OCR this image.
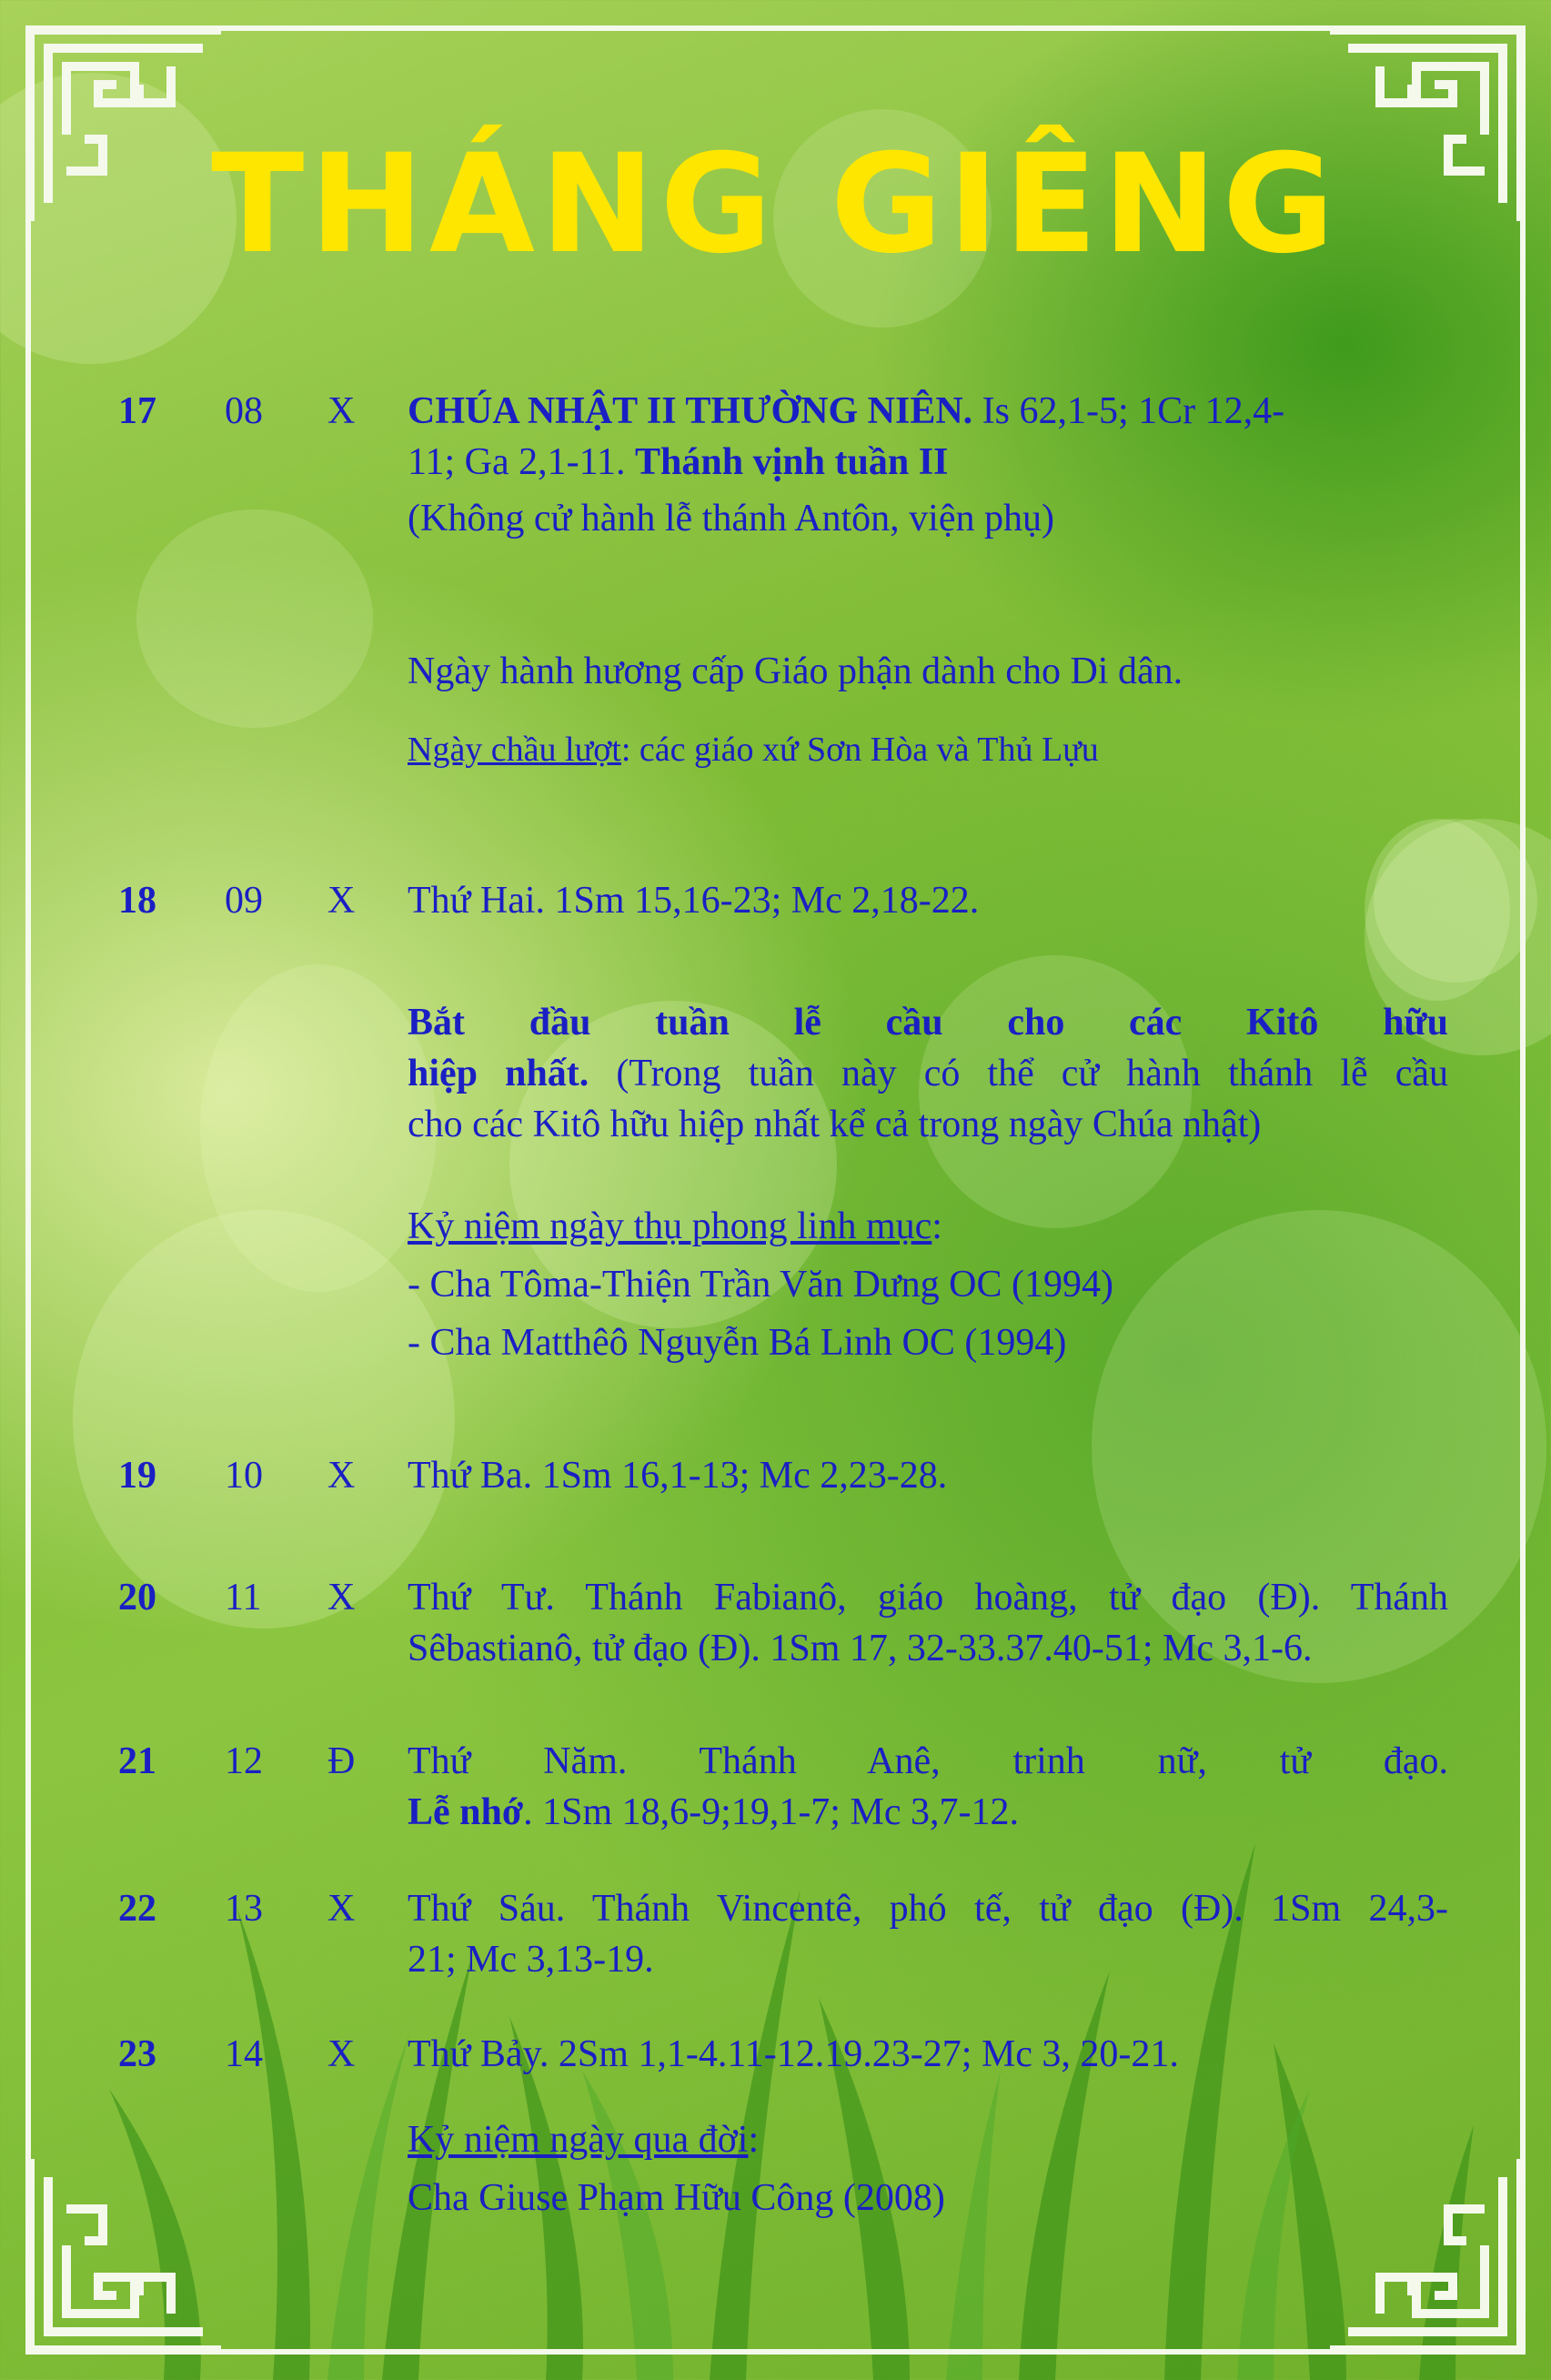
THÁNG GIÊNG
17	08	X	CHÚA NHẬT II THƯỜNG NIÊN. Is 62,1-5; 1Cr 12,4-
11; Ga 2,1-11. Thánh vịnh tuần II
(Không cử hành lễ thánh Antôn, viện phụ)
Ngày hành hương cấp Giáo phận dành cho Di dân.
Ngày chầu lượt: các giáo xứ Sơn Hòa và Thủ Lựu
18	09	X	Thứ Hai. 1Sm 15,16-23; Mc 2,18-22.
Bắt đầu tuần lễ cầu cho các Kitô hữu
hiệp nhất. (Trong tuần này có thể cử hành thánh lễ cầu
cho các Kitô hữu hiệp nhất kể cả trong ngày Chúa nhật)
Kỷ niệm ngày thụ phong linh mục:
- Cha Tôma-Thiện Trần Văn Dưng OC (1994)
- Cha Matthêô Nguyễn Bá Linh OC (1994)
19	10	X	Thứ Ba. 1Sm 16,1-13; Mc 2,23-28.
20	11	X	Thứ Tư. Thánh Fabianô, giáo hoàng, tử đạo (Đ). Thánh
Sêbastianô, tử đạo (Đ). 1Sm 17, 32-33.37.40-51; Mc 3,1-6.
21	12	Đ	Thứ Năm. Thánh Anê, trinh nữ, tử đạo.
Lễ nhớ. 1Sm 18,6-9;19,1-7; Mc 3,7-12.
22	13	X	Thứ Sáu. Thánh Vincentê, phó tế, tử đạo (Đ). 1Sm 24,3-
21; Mc 3,13-19.
23	14	X	Thứ Bảy. 2Sm 1,1-4.11-12.19.23-27; Mc 3, 20-21.
Kỷ niệm ngày qua đời:
Cha Giuse Phạm Hữu Công (2008)
